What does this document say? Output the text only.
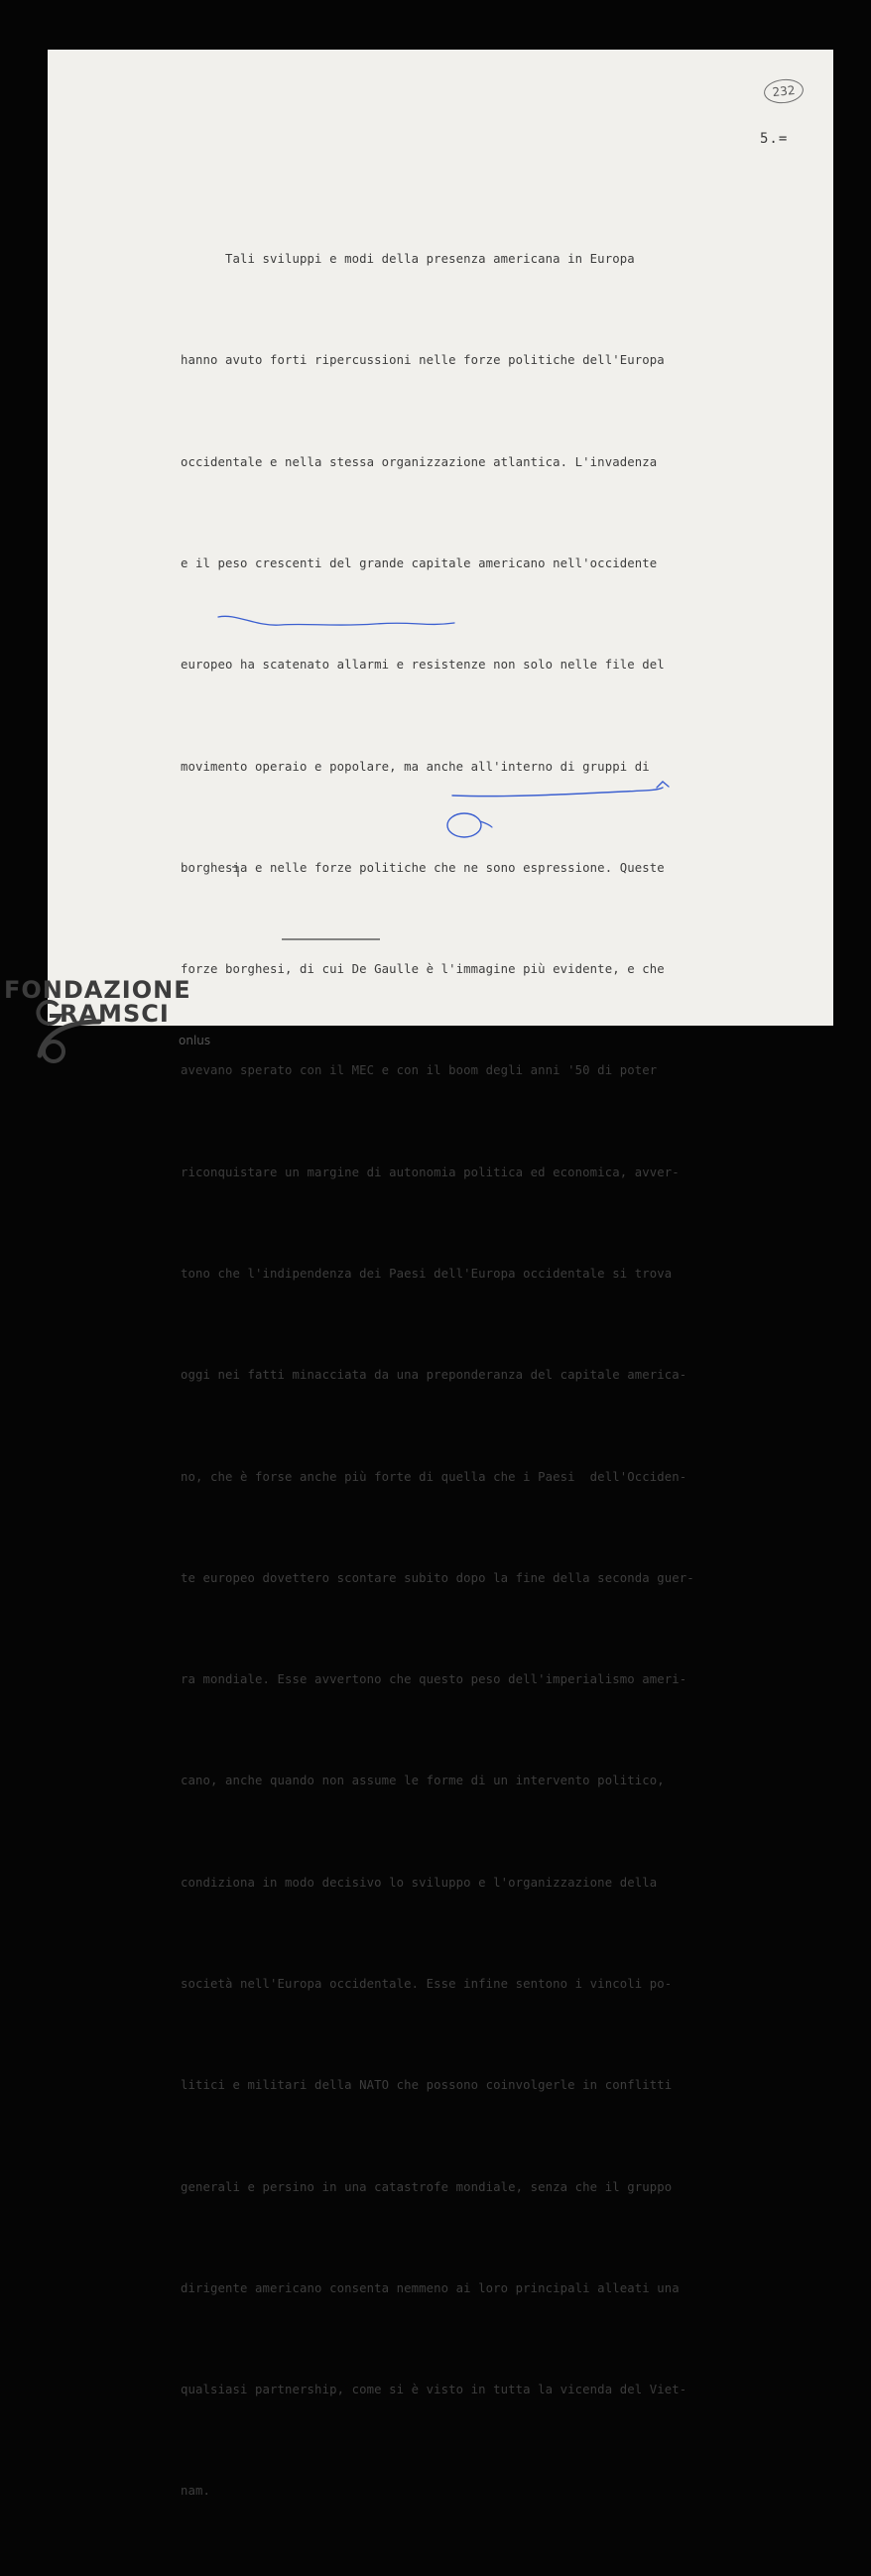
232
5.=

Tali sviluppi e modi della presenza americana in Europa

hanno avuto forti ripercussioni nelle forze politiche dell'Europa

occidentale e nella stessa organizzazione atlantica. L'invadenza

e il peso crescenti del grande capitale americano nell'occidente

europeo ha scatenato allarmi e resistenze non solo nelle file del

movimento operaio e popolare, ma anche all'interno di gruppi di

borghesia e nelle forze politiche che ne sono espressione. Queste

forze borghesi, di cui De Gaulle è l'immagine più evidente, e che

avevano sperato con il MEC e con il boom degli anni '50 di poter

riconquistare un margine di autonomia politica ed economica, avver-

tono che l'indipendenza dei Paesi dell'Europa occidentale si trova

oggi nei fatti minacciata da una preponderanza del capitale america-

no, che è forse anche più forte di quella che i Paesi  dell'Occiden-

te europeo dovettero scontare subito dopo la fine della seconda guer-

ra mondiale. Esse avvertono che questo peso dell'imperialismo ameri-

cano, anche quando non assume le forme di un intervento politico,

condiziona in modo decisivo lo sviluppo e l'organizzazione della

società nell'Europa occidentale. Esse infine sentono i vincoli po-

litici e militari della NATO che possono coinvolgerle in conflitti

generali e persino in una catastrofe mondiale, senza che il gruppo

dirigente americano consenta nemmeno ai loro principali alleati una

qualsiasi partnership, come si è visto in tutta la vicenda del Viet-

nam.

FONDAZIONE
RAMSCI
onlus
